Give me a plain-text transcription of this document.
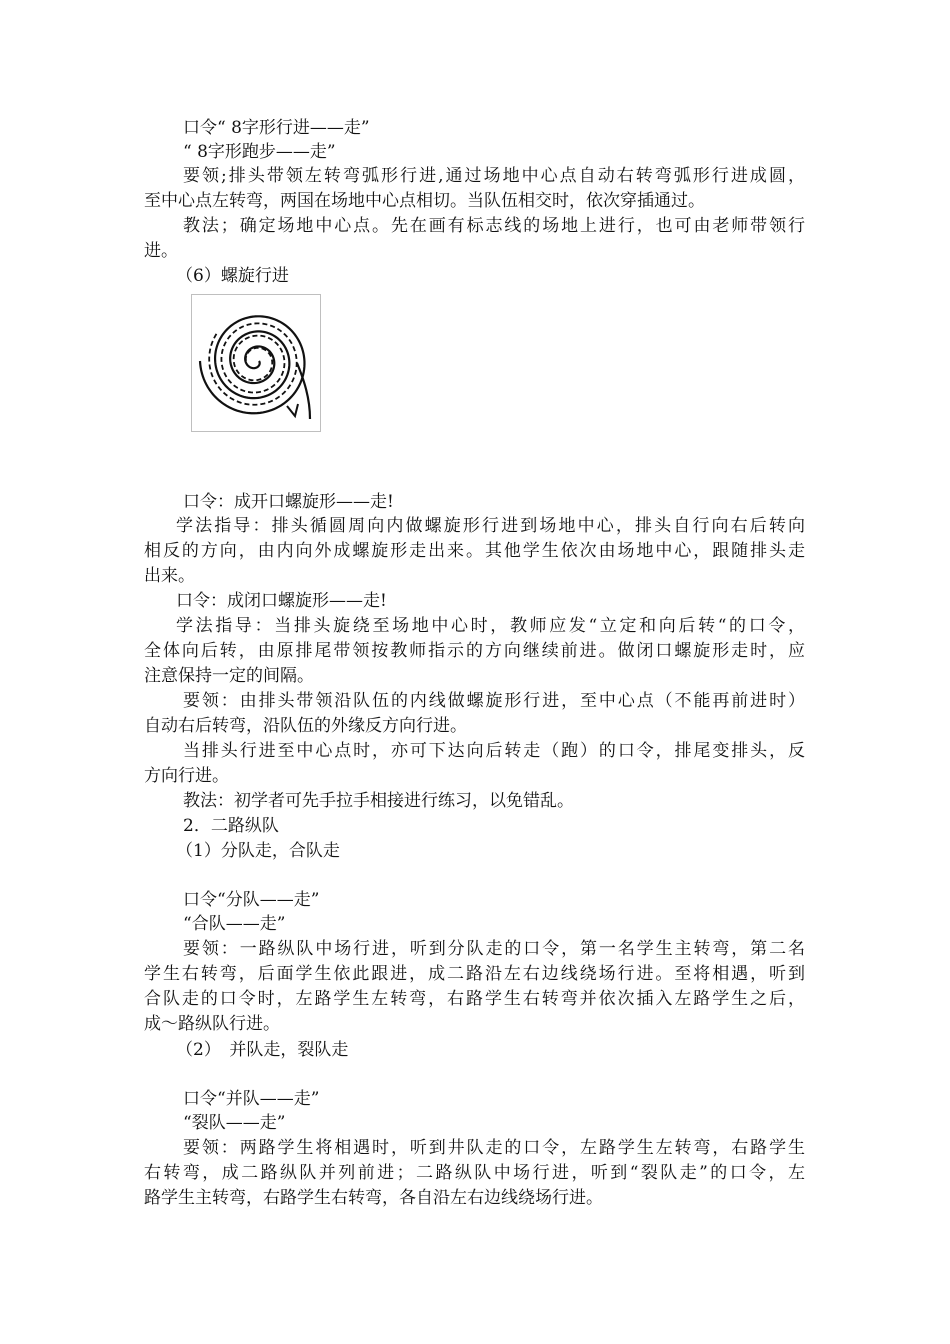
口令“ 8字形行进——走”
“ 8字形跑步——走”
要领;排头带领左转弯弧形行进,通过场地中心点自动右转弯弧形行进成圆，
至中心点左转弯，两国在场地中心点相切。当队伍相交时，依次穿插通过。
教法；确定场地中心点。先在画有标志线的场地上进行，也可由老师带领行
进。
（6）螺旋行进
口令：成开口螺旋形——走!
学法指导：排头循圆周向内做螺旋形行进到场地中心，排头自行向右后转向
相反的方向，由内向外成螺旋形走出来。其他学生依次由场地中心，跟随排头走
出来。
口令：成闭口螺旋形——走!
学法指导：当排头旋绕至场地中心时，教师应发“立定和向后转“的口令，
全体向后转，由原排尾带领按教师指示的方向继续前进。做闭口螺旋形走时，应
注意保持一定的间隔。
要领：由排头带领沿队伍的内线做螺旋形行进，至中心点（不能再前进时）
自动右后转弯，沿队伍的外缘反方向行进。
当排头行进至中心点时，亦可下达向后转走（跑）的口令，排尾变排头，反
方向行进。
教法：初学者可先手拉手相接进行练习，以免错乱。
2．二路纵队
（1）分队走，合队走
口令“分队——走”
“合队——走”
要领：一路纵队中场行进，听到分队走的口令，第一名学生主转弯，第二名
学生右转弯，后面学生依此跟进，成二路沿左右边线绕场行进。至将相遇，听到
合队走的口令时，左路学生左转弯，右路学生右转弯并依次插入左路学生之后，
成～路纵队行进。
（2）　并队走，裂队走
口令“并队——走”
“裂队——走”
要领：两路学生将相遇时，听到井队走的口令，左路学生左转弯，右路学生
右转弯，成二路纵队并列前进；二路纵队中场行进，听到“裂队走”的口令，左
路学生主转弯，右路学生右转弯，各自沿左右边线绕场行进。
